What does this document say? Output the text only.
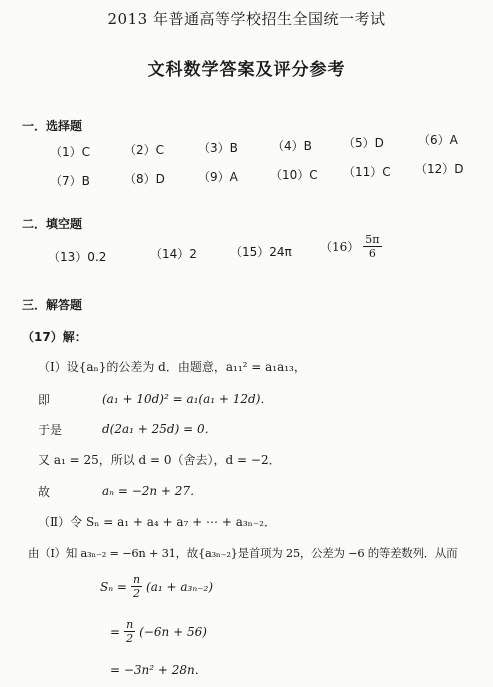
2013 年普通高等学校招生全国统一考试
文科数学答案及评分参考
一．选择题
（1）C	（2）C	（3）B	（4）B	（5）D	（6）A
（7）B	（8）D	（9）A	（10）C （11）C （12）D
二．填空题
（13）0.2	（14）2	（15）24π $(16) \frac{5\pi}{6}$
三．解答题
（17）解：
（Ⅰ）设{aₙ}的公差为 d．由题意，a₁₁² = a₁a₁₃，
即	(a₁ + 10d)² = a₁(a₁ + 12d)．
于是	d(2a₁ + 25d) = 0．
又 a₁ = 25，所以 d = 0（舍去），d = −2．
故	aₙ = −2n + 27．
（Ⅱ）令 Sₙ = a₁ + a₄ + a₇ + ⋯ + a₃ₙ₋₂．
由（Ⅰ）知 a₃ₙ₋₂ = −6n + 31，故{a₃ₙ₋₂}是首项为 25，公差为 −6 的等差数列．从而
$S_n = \frac{n}{2} (a_1 + a_{3n-2})$
= $\frac{n}{2} (-6n + 56)$
= −3n² + 28n．
